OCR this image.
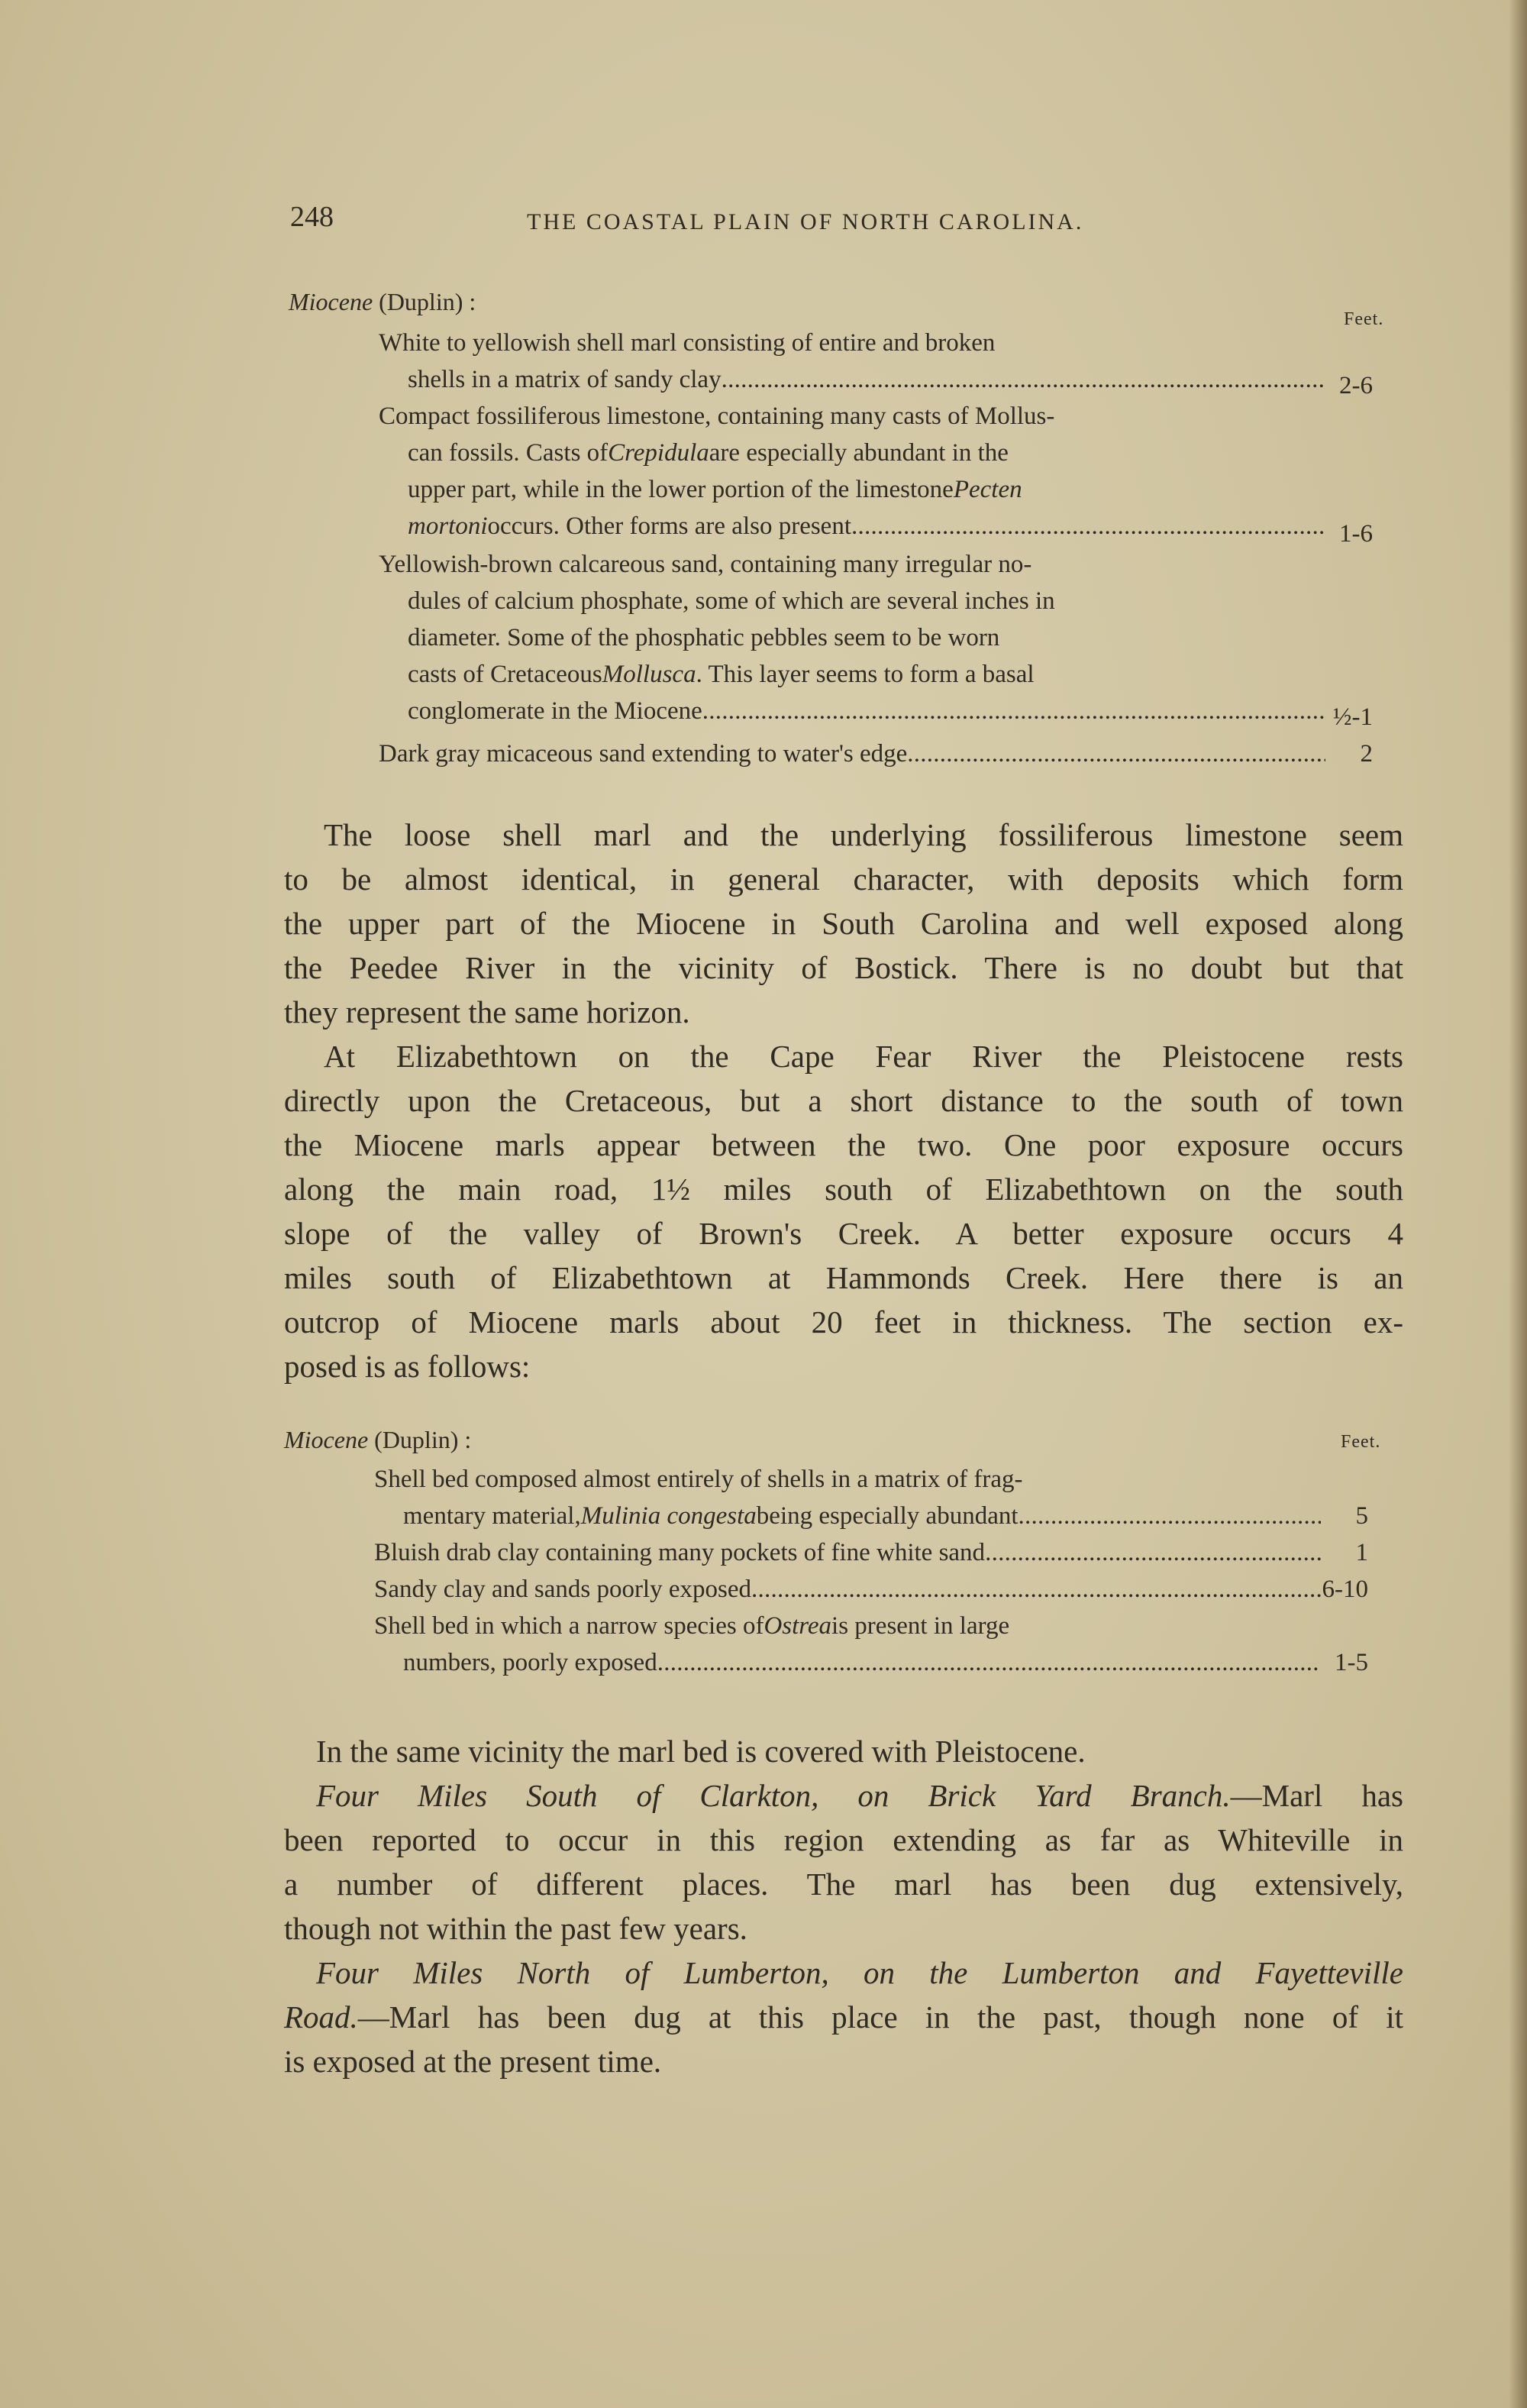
248	THE COASTAL PLAIN OF NORTH CAROLINA.
Miocene (Duplin) :
Feet.
White to yellowish shell marl consisting of entire and broken
shells in a matrix of sandy clay . . .	2-6
Compact fossiliferous limestone, containing many casts of Mollus-
can fossils. Casts of Crepidula are especially abundant in the
upper part, while in the lower portion of the limestone Pecten
mortoni occurs. Other forms are also present . . .	1-6
Yellowish-brown calcareous sand, containing many irregular no-
dules of calcium phosphate, some of which are several inches in
diameter. Some of the phosphatic pebbles seem to be worn
casts of Cretaceous Mollusca . This layer seems to form a basal
conglomerate in the Miocene . . .	½-1
Dark gray micaceous sand extending to water's edge . . .	2
The loose shell marl and the underlying fossiliferous limestone seem
to be almost identical, in general character, with deposits which form
the upper part of the Miocene in South Carolina and well exposed along
the Peedee River in the vicinity of Bostick. There is no doubt but that
they represent the same horizon.
At Elizabethtown on the Cape Fear River the Pleistocene rests
directly upon the Cretaceous, but a short distance to the south of town
the Miocene marls appear between the two. One poor exposure occurs
along the main road, 1½ miles south of Elizabethtown on the south
slope of the valley of Brown's Creek. A better exposure occurs 4
miles south of Elizabethtown at Hammonds Creek. Here there is an
outcrop of Miocene marls about 20 feet in thickness. The section ex-
posed is as follows:
Miocene (Duplin) :	Feet.
Shell bed composed almost entirely of shells in a matrix of frag-
mentary material, Mulinia congesta being especially abundant . . .	5
Bluish drab clay containing many pockets of fine white sand . . .	1
Sandy clay and sands poorly exposed . . .	6-10
Shell bed in which a narrow species of Ostrea is present in large
numbers, poorly exposed . . .	1-5
In the same vicinity the marl bed is covered with Pleistocene.
Four Miles South of Clarkton, on Brick Yard Branch.—Marl has
been reported to occur in this region extending as far as Whiteville in
a number of different places. The marl has been dug extensively,
though not within the past few years.
Four Miles North of Lumberton, on the Lumberton and Fayetteville
Road.—Marl has been dug at this place in the past, though none of it
is exposed at the present time.
